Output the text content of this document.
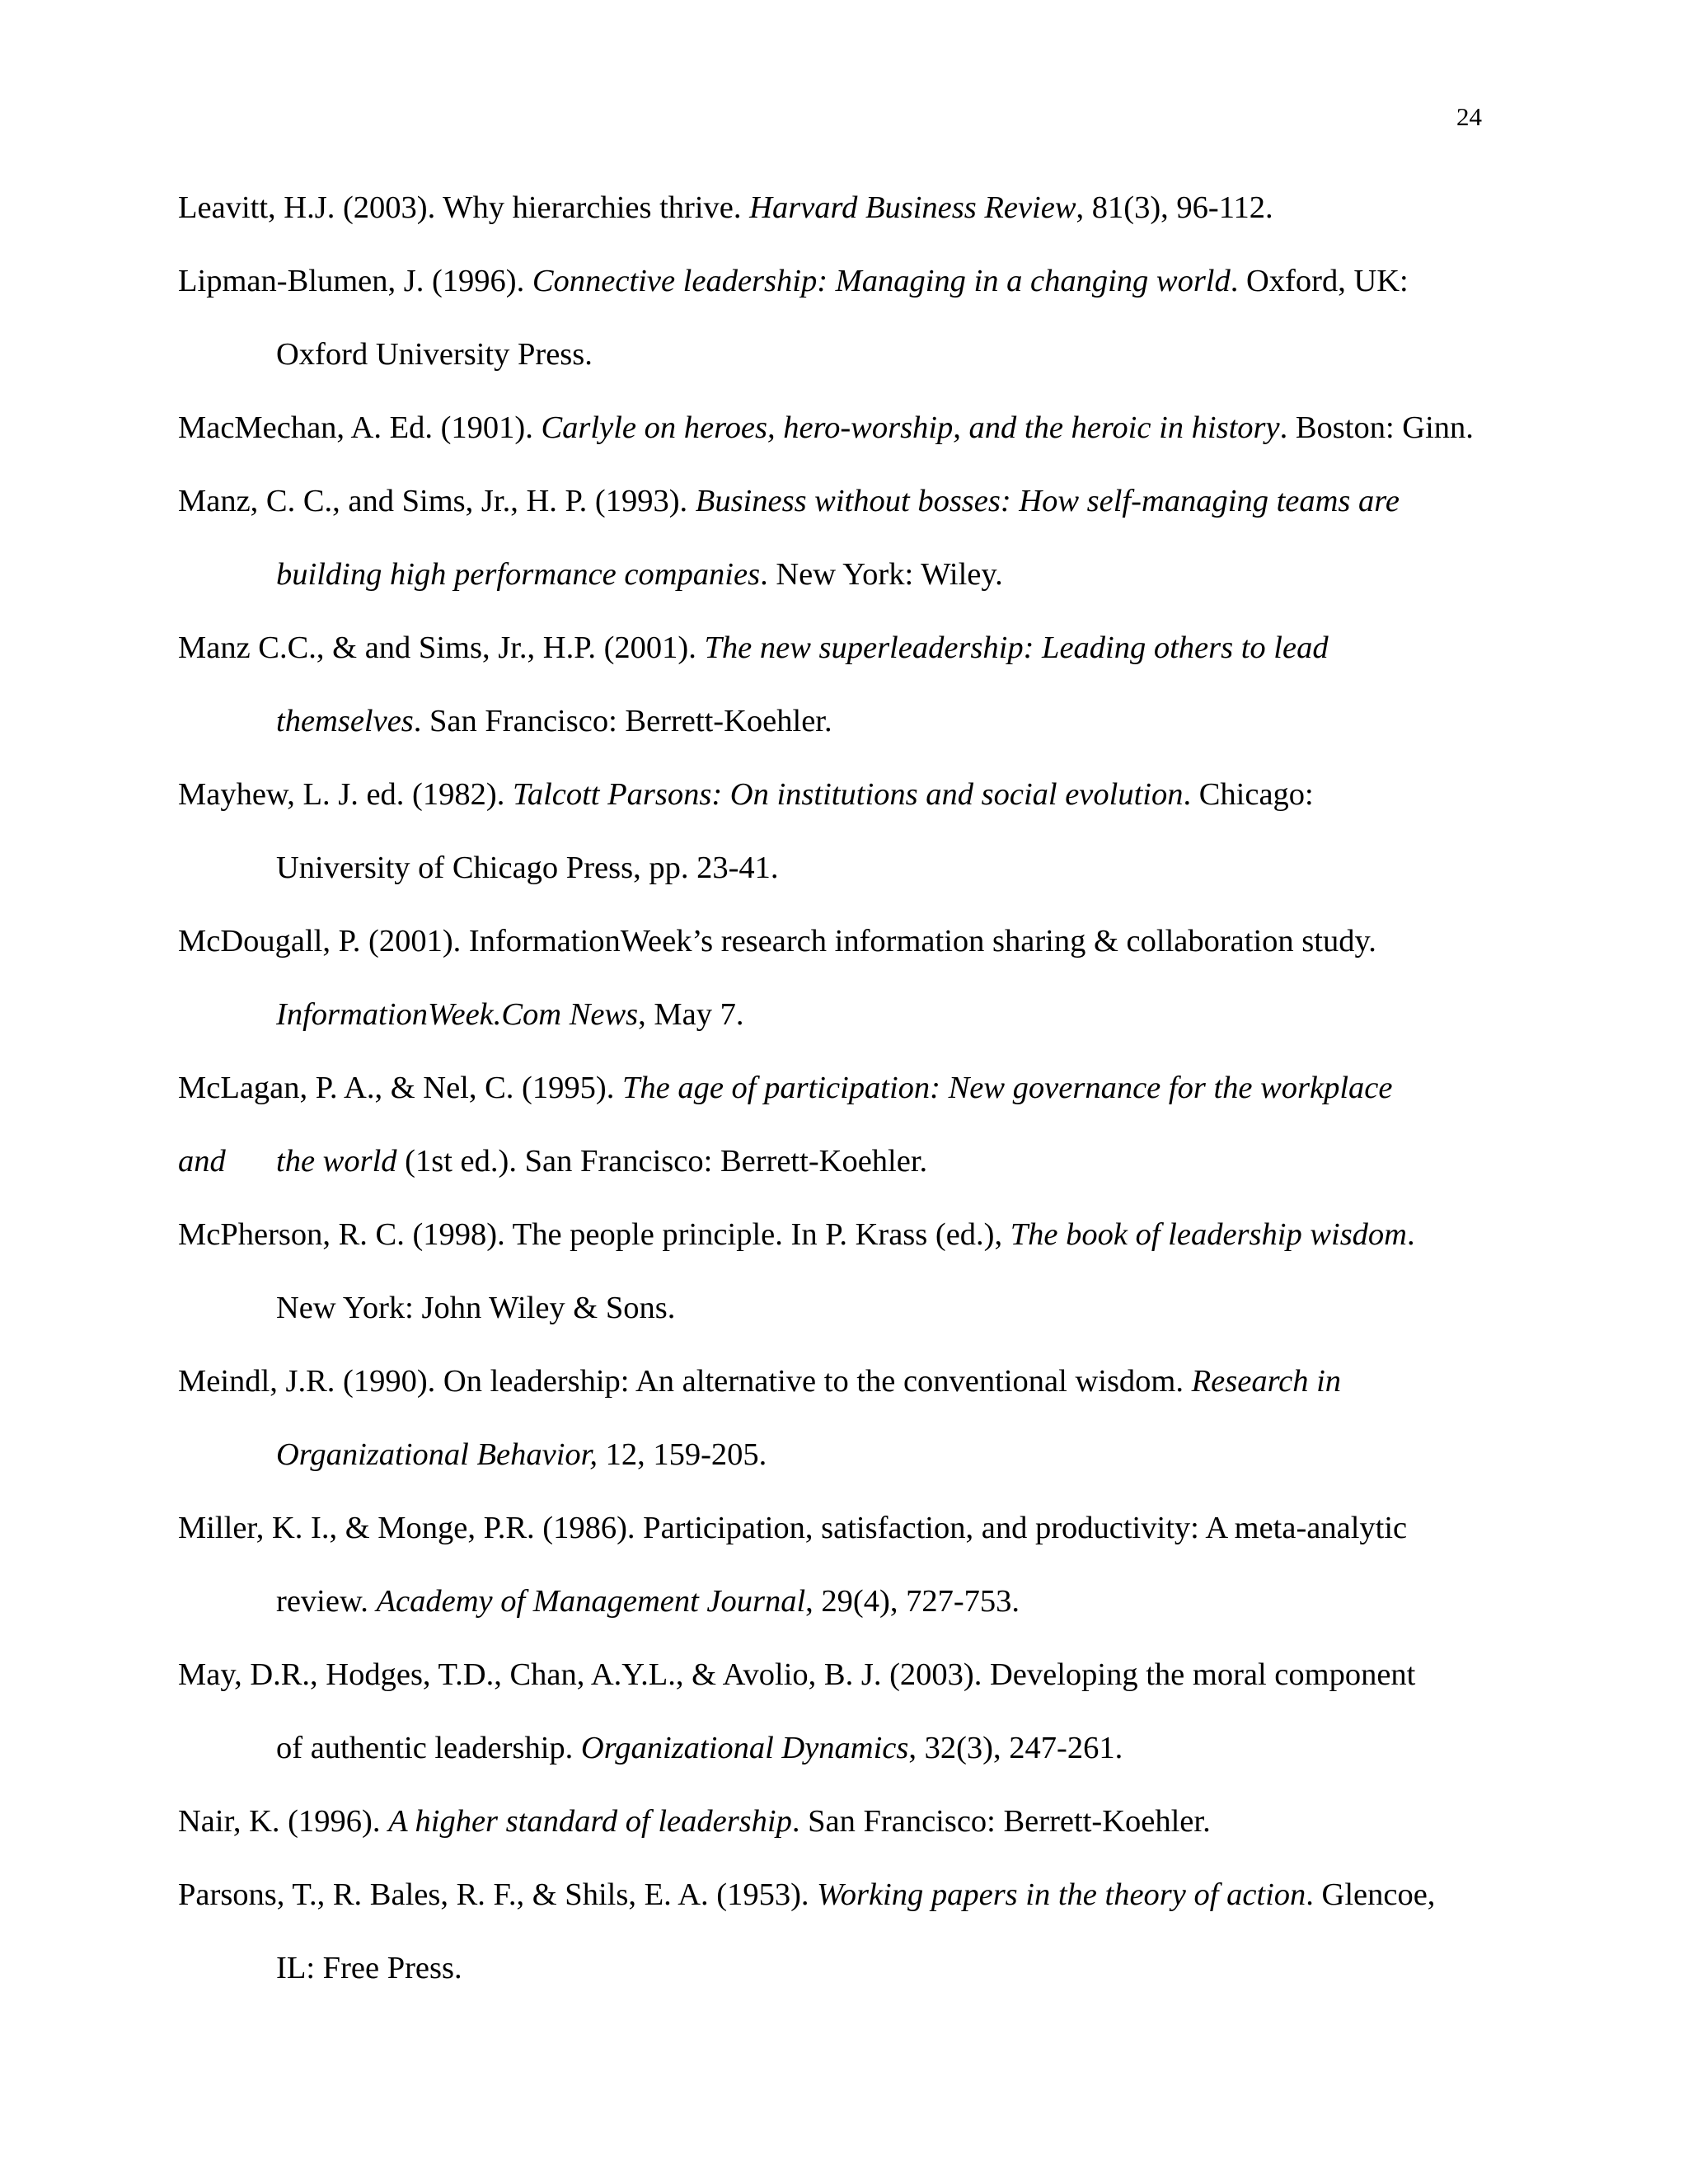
24
Leavitt, H.J. (2003). Why hierarchies thrive. Harvard Business Review, 81(3), 96-112.
Lipman-Blumen, J. (1996). Connective leadership: Managing in a changing world. Oxford, UK:
Oxford University Press.
MacMechan, A. Ed. (1901). Carlyle on heroes, hero-worship, and the heroic in history. Boston: Ginn.
Manz, C. C., and Sims, Jr., H. P. (1993). Business without bosses: How self-managing teams are
building high performance companies. New York: Wiley.
Manz C.C., & and Sims, Jr., H.P. (2001). The new superleadership: Leading others to lead
themselves. San Francisco: Berrett-Koehler.
Mayhew, L. J. ed. (1982). Talcott Parsons: On institutions and social evolution. Chicago:
University of Chicago Press, pp. 23-41.
McDougall, P. (2001). InformationWeek’s research information sharing & collaboration study.
InformationWeek.Com News, May 7.
McLagan, P. A., & Nel, C. (1995). The age of participation: New governance for the workplace
and the world (1st ed.). San Francisco: Berrett-Koehler.
McPherson, R. C. (1998). The people principle. In P. Krass (ed.), The book of leadership wisdom.
New York: John Wiley & Sons.
Meindl, J.R. (1990). On leadership: An alternative to the conventional wisdom. Research in
Organizational Behavior, 12, 159-205.
Miller, K. I., & Monge, P.R. (1986). Participation, satisfaction, and productivity: A meta-analytic
review. Academy of Management Journal, 29(4), 727-753.
May, D.R., Hodges, T.D., Chan, A.Y.L., & Avolio, B. J. (2003). Developing the moral component
of authentic leadership. Organizational Dynamics, 32(3), 247-261.
Nair, K. (1996). A higher standard of leadership. San Francisco: Berrett-Koehler.
Parsons, T., R. Bales, R. F., & Shils, E. A. (1953). Working papers in the theory of action. Glencoe,
IL: Free Press.
